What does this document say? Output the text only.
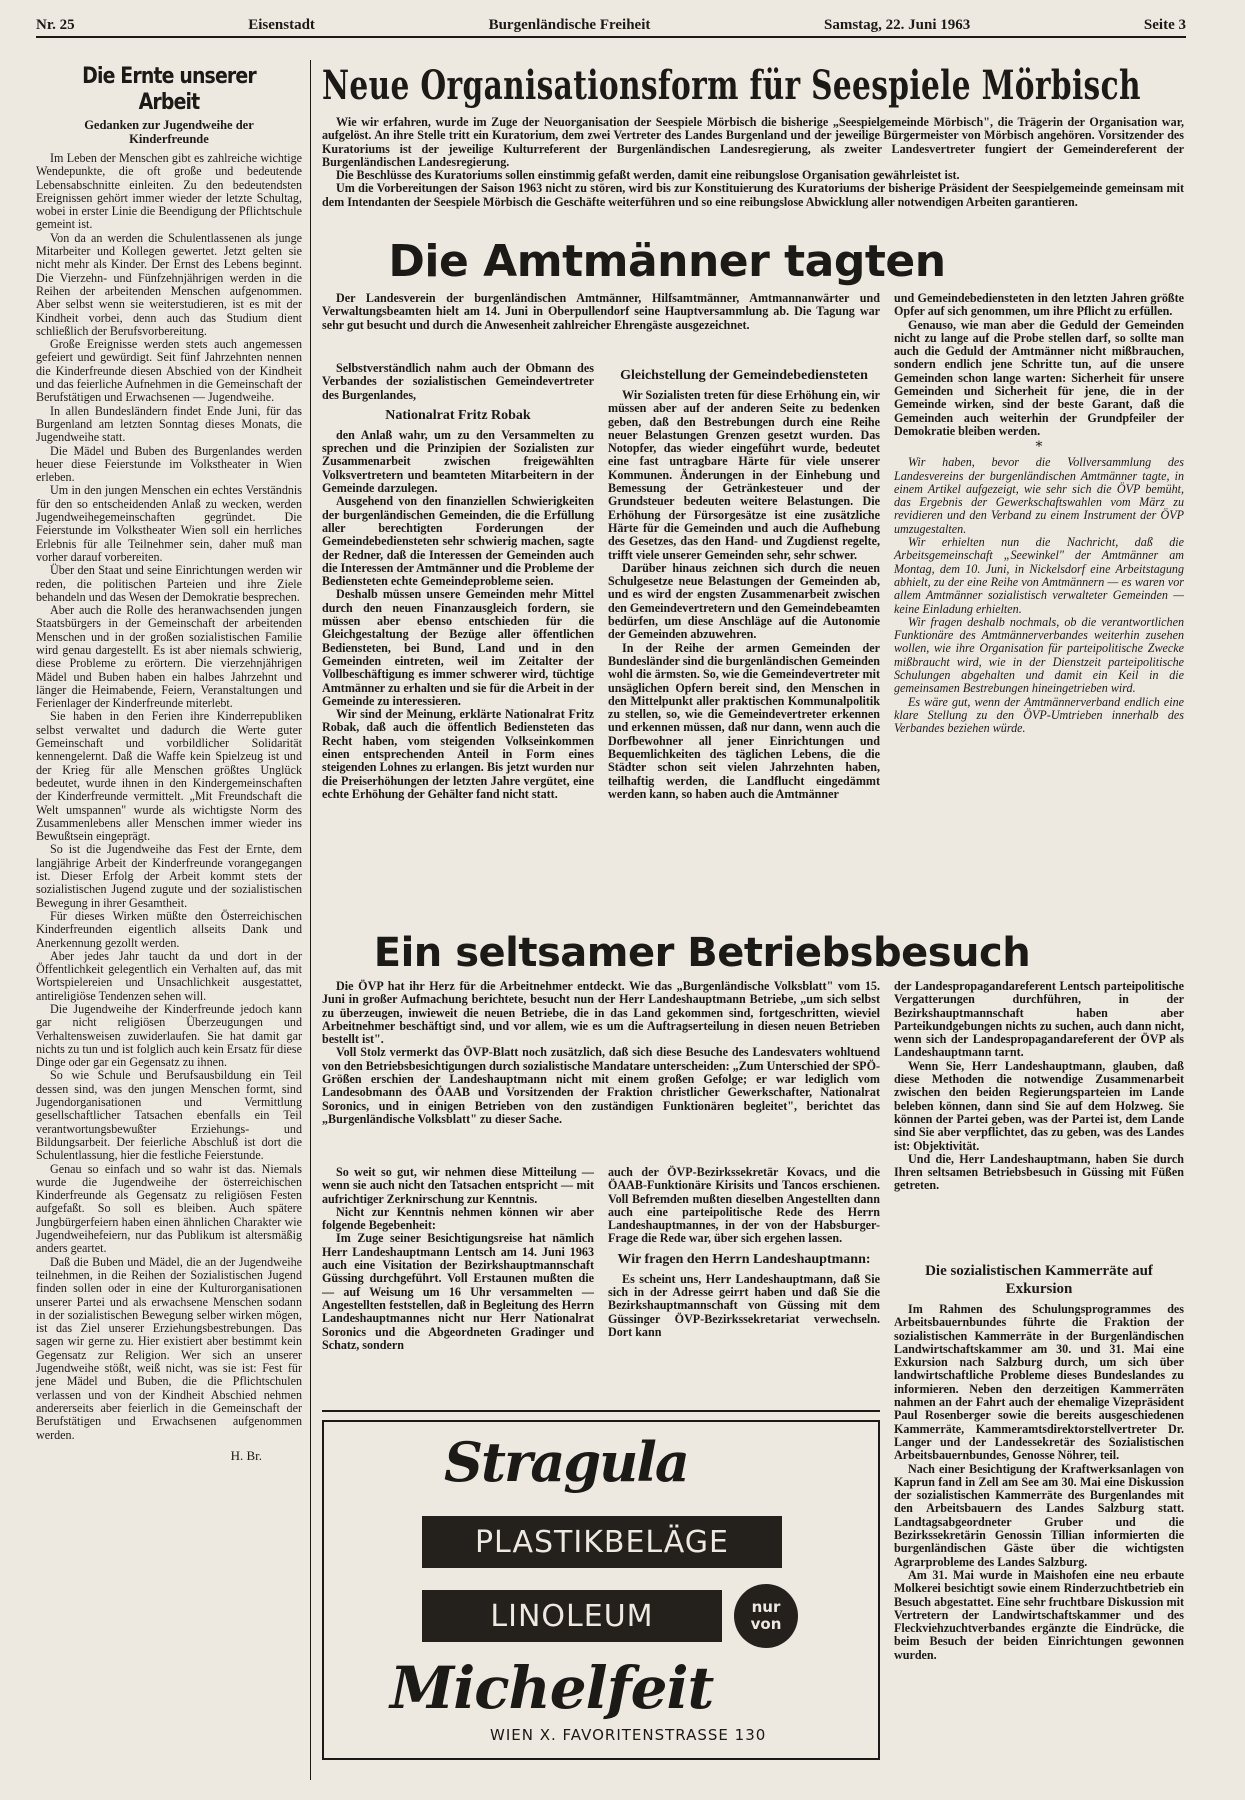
Nr. 25	Eisenstadt	Burgenländische Freiheit	Samstag, 22. Juni 1963	Seite 3
Die Ernte unserer Arbeit
Gedanken zur Jugendweihe der Kinderfreunde

Im Leben der Menschen gibt es zahlreiche wichtige Wendepunkte, die oft große und bedeutende Lebensabschnitte einleiten. Zu den bedeutendsten Ereignissen gehört immer wieder der letzte Schultag, wobei in erster Linie die Beendigung der Pflichtschule gemeint ist.

Von da an werden die Schulentlassenen als junge Mitarbeiter und Kollegen gewertet. Jetzt gelten sie nicht mehr als Kinder. Der Ernst des Lebens beginnt. Die Vierzehn- und Fünfzehnjährigen werden in die Reihen der arbeitenden Menschen aufgenommen. Aber selbst wenn sie weiterstudieren, ist es mit der Kindheit vorbei, denn auch das Studium dient schließlich der Berufsvorbereitung.

Große Ereignisse werden stets auch angemessen gefeiert und gewürdigt. Seit fünf Jahrzehnten nennen die Kinderfreunde diesen Abschied von der Kindheit und das feierliche Aufnehmen in die Gemeinschaft der Berufstätigen und Erwachsenen — Jugendweihe.

In allen Bundesländern findet Ende Juni, für das Burgenland am letzten Sonntag dieses Monats, die Jugendweihe statt.

Die Mädel und Buben des Burgenlandes werden heuer diese Feierstunde im Volkstheater in Wien erleben.

Um in den jungen Menschen ein echtes Verständnis für den so entscheidenden Anlaß zu wecken, werden Jugendweihegemeinschaften gegründet. Die Feierstunde im Volkstheater Wien soll ein herrliches Erlebnis für alle Teilnehmer sein, daher muß man vorher darauf vorbereiten.

Über den Staat und seine Einrichtungen werden wir reden, die politischen Parteien und ihre Ziele behandeln und das Wesen der Demokratie besprechen.

Aber auch die Rolle des heranwachsenden jungen Staatsbürgers in der Gemeinschaft der arbeitenden Menschen und in der großen sozialistischen Familie wird genau dargestellt. Es ist aber niemals schwierig, diese Probleme zu erörtern. Die vierzehnjährigen Mädel und Buben haben ein halbes Jahrzehnt und länger die Heimabende, Feiern, Veranstaltungen und Ferienlager der Kinderfreunde miterlebt.

Sie haben in den Ferien ihre Kinderrepubliken selbst verwaltet und dadurch die Werte guter Gemeinschaft und vorbildlicher Solidarität kennengelernt. Daß die Waffe kein Spielzeug ist und der Krieg für alle Menschen größtes Unglück bedeutet, wurde ihnen in den Kindergemeinschaften der Kinderfreunde vermittelt. „Mit Freundschaft die Welt umspannen" wurde als wichtigste Norm des Zusammenlebens aller Menschen immer wieder ins Bewußtsein eingeprägt.

So ist die Jugendweihe das Fest der Ernte, dem langjährige Arbeit der Kinderfreunde vorangegangen ist. Dieser Erfolg der Arbeit kommt stets der sozialistischen Jugend zugute und der sozialistischen Bewegung in ihrer Gesamtheit.

Für dieses Wirken müßte den Österreichischen Kinderfreunden eigentlich allseits Dank und Anerkennung gezollt werden.

Aber jedes Jahr taucht da und dort in der Öffentlichkeit gelegentlich ein Verhalten auf, das mit Wortspielereien und Unsachlichkeit ausgestattet, antireligiöse Tendenzen sehen will.

Die Jugendweihe der Kinderfreunde jedoch kann gar nicht religiösen Überzeugungen und Verhaltensweisen zuwiderlaufen. Sie hat damit gar nichts zu tun und ist folglich auch kein Ersatz für diese Dinge oder gar ein Gegensatz zu ihnen.

So wie Schule und Berufsausbildung ein Teil dessen sind, was den jungen Menschen formt, sind Jugendorganisationen und Vermittlung gesellschaftlicher Tatsachen ebenfalls ein Teil verantwortungsbewußter Erziehungs- und Bildungsarbeit. Der feierliche Abschluß ist dort die Schulentlassung, hier die festliche Feierstunde.

Genau so einfach und so wahr ist das. Niemals wurde die Jugendweihe der österreichischen Kinderfreunde als Gegensatz zu religiösen Festen aufgefaßt. So soll es bleiben. Auch spätere Jungbürgerfeiern haben einen ähnlichen Charakter wie Jugendweihefeiern, nur das Publikum ist altersmäßig anders geartet.

Daß die Buben und Mädel, die an der Jugendweihe teilnehmen, in die Reihen der Sozialistischen Jugend finden sollen oder in eine der Kulturorganisationen unserer Partei und als erwachsene Menschen sodann in der sozialistischen Bewegung selber wirken mögen, ist das Ziel unserer Erziehungsbestrebungen. Das sagen wir gerne zu. Hier existiert aber bestimmt kein Gegensatz zur Religion. Wer sich an unserer Jugendweihe stößt, weiß nicht, was sie ist: Fest für jene Mädel und Buben, die die Pflichtschulen verlassen und von der Kindheit Abschied nehmen andererseits aber feierlich in die Gemeinschaft der Berufstätigen und Erwachsenen aufgenommen werden.

H. Br.
Neue Organisationsform für Seespiele Mörbisch

Wie wir erfahren, wurde im Zuge der Neuorganisation der Seespiele Mörbisch die bisherige „Seespielgemeinde Mörbisch", die Trägerin der Organisation war, aufgelöst. An ihre Stelle tritt ein Kuratorium, dem zwei Vertreter des Landes Burgenland und der jeweilige Bürgermeister von Mörbisch angehören. Vorsitzender des Kuratoriums ist der jeweilige Kulturreferent der Burgenländischen Landesregierung, als zweiter Landesvertreter fungiert der Gemeindereferent der Burgenländischen Landesregierung.

Die Beschlüsse des Kuratoriums sollen einstimmig gefaßt werden, damit eine reibungslose Organisation gewährleistet ist.

Um die Vorbereitungen der Saison 1963 nicht zu stören, wird bis zur Konstituierung des Kuratoriums der bisherige Präsident der Seespielgemeinde gemeinsam mit dem Intendanten der Seespiele Mörbisch die Geschäfte weiterführen und so eine reibungslose Abwicklung aller notwendigen Arbeiten garantieren.

Die Amtmänner tagten

Der Landesverein der burgenländischen Amtmänner, Hilfsamtmänner, Amtmannanwärter und Verwaltungsbeamten hielt am 14. Juni in Oberpullendorf seine Hauptversammlung ab. Die Tagung war sehr gut besucht und durch die Anwesenheit zahlreicher Ehrengäste ausgezeichnet.

Selbstverständlich nahm auch der Obmann des Verbandes der sozialistischen Gemeindevertreter des Burgenlandes,

Nationalrat Fritz Robak

den Anlaß wahr, um zu den Versammelten zu sprechen und die Prinzipien der Sozialisten zur Zusammenarbeit zwischen freigewählten Volksvertretern und beamteten Mitarbeitern in der Gemeinde darzulegen.

Ausgehend von den finanziellen Schwierigkeiten der burgenländischen Gemeinden, die die Erfüllung aller berechtigten Forderungen der Gemeindebediensteten sehr schwierig machen, sagte der Redner, daß die Interessen der Gemeinden auch die Interessen der Amtmänner und die Probleme der Bediensteten echte Gemeindeprobleme seien.

Deshalb müssen unsere Gemeinden mehr Mittel durch den neuen Finanzausgleich fordern, sie müssen aber ebenso entschieden für die Gleichgestaltung der Bezüge aller öffentlichen Bediensteten, bei Bund, Land und in den Gemeinden eintreten, weil im Zeitalter der Vollbeschäftigung es immer schwerer wird, tüchtige Amtmänner zu erhalten und sie für die Arbeit in der Gemeinde zu interessieren.

Wir sind der Meinung, erklärte Nationalrat Fritz Robak, daß auch die öffentlich Bediensteten das Recht haben, vom steigenden Volkseinkommen einen entsprechenden Anteil in Form eines steigenden Lohnes zu erlangen. Bis jetzt wurden nur die Preiserhöhungen der letzten Jahre vergütet, eine echte Erhöhung der Gehälter fand nicht statt.

Gleichstellung der Gemeindebediensteten

Wir Sozialisten treten für diese Erhöhung ein, wir müssen aber auf der anderen Seite zu bedenken geben, daß den Bestrebungen durch eine Reihe neuer Belastungen Grenzen gesetzt wurden. Das Notopfer, das wieder eingeführt wurde, bedeutet eine fast untragbare Härte für viele unserer Kommunen. Änderungen in der Einhebung und Bemessung der Getränkesteuer und der Grundsteuer bedeuten weitere Belastungen. Die Erhöhung der Fürsorgesätze ist eine zusätzliche Härte für die Gemeinden und auch die Aufhebung des Gesetzes, das den Hand- und Zugdienst regelte, trifft viele unserer Gemeinden sehr, sehr schwer.

Darüber hinaus zeichnen sich durch die neuen Schulgesetze neue Belastungen der Gemeinden ab, und es wird der engsten Zusammenarbeit zwischen den Gemeindevertretern und den Gemeindebeamten bedürfen, um diese Anschläge auf die Autonomie der Gemeinden abzuwehren.

In der Reihe der armen Gemeinden der Bundesländer sind die burgenländischen Gemeinden wohl die ärmsten. So, wie die Gemeindevertreter mit unsäglichen Opfern bereit sind, den Menschen in den Mittelpunkt aller praktischen Kommunalpolitik zu stellen, so, wie die Gemeindevertreter erkennen und erkennen müssen, daß nur dann, wenn auch die Dorfbewohner all jener Einrichtungen und Bequemlichkeiten des täglichen Lebens, die die Städter schon seit vielen Jahrzehnten haben, teilhaftig werden, die Landflucht eingedämmt werden kann, so haben auch die Amtmänner

und Gemeindebediensteten in den letzten Jahren größte Opfer auf sich genommen, um ihre Pflicht zu erfüllen.

Genauso, wie man aber die Geduld der Gemeinden nicht zu lange auf die Probe stellen darf, so sollte man auch die Geduld der Amtmänner nicht mißbrauchen, sondern endlich jene Schritte tun, auf die unsere Gemeinden schon lange warten: Sicherheit für unsere Gemeinden und Sicherheit für jene, die in der Gemeinde wirken, sind der beste Garant, daß die Gemeinden auch weiterhin der Grundpfeiler der Demokratie bleiben werden.

*

Wir haben, bevor die Vollversammlung des Landesvereins der burgenländischen Amtmänner tagte, in einem Artikel aufgezeigt, wie sehr sich die ÖVP bemüht, das Ergebnis der Gewerkschaftswahlen vom März zu revidieren und den Verband zu einem Instrument der ÖVP umzugestalten.

Wir erhielten nun die Nachricht, daß die Arbeitsgemeinschaft „Seewinkel" der Amtmänner am Montag, dem 10. Juni, in Nickelsdorf eine Arbeitstagung abhielt, zu der eine Reihe von Amtmännern — es waren vor allem Amtmänner sozialistisch verwalteter Gemeinden — keine Einladung erhielten.

Wir fragen deshalb nochmals, ob die verantwortlichen Funktionäre des Amtmännerverbandes weiterhin zusehen wollen, wie ihre Organisation für parteipolitische Zwecke mißbraucht wird, wie in der Dienstzeit parteipolitische Schulungen abgehalten und damit ein Keil in die gemeinsamen Bestrebungen hineingetrieben wird.

Es wäre gut, wenn der Amtmännerverband endlich eine klare Stellung zu den ÖVP-Umtrieben innerhalb des Verbandes beziehen würde.

Ein seltsamer Betriebsbesuch

Die ÖVP hat ihr Herz für die Arbeitnehmer entdeckt. Wie das „Burgenländische Volksblatt" vom 15. Juni in großer Aufmachung berichtete, besucht nun der Herr Landeshauptmann Betriebe, „um sich selbst zu überzeugen, inwieweit die neuen Betriebe, die in das Land gekommen sind, fortgeschritten, wieviel Arbeitnehmer beschäftigt sind, und vor allem, wie es um die Auftragserteilung in diesen neuen Betrieben bestellt ist".

Voll Stolz vermerkt das ÖVP-Blatt noch zusätzlich, daß sich diese Besuche des Landesvaters wohltuend von den Betriebsbesichtigungen durch sozialistische Mandatare unterscheiden: „Zum Unterschied der SPÖ-Größen erschien der Landeshauptmann nicht mit einem großen Gefolge; er war lediglich vom Landesobmann des ÖAAB und Vorsitzenden der Fraktion christlicher Gewerkschafter, Nationalrat Soronics, und in einigen Betrieben von den zuständigen Funktionären begleitet", berichtet das „Burgenländische Volksblatt" zu dieser Sache.

So weit so gut, wir nehmen diese Mitteilung — wenn sie auch nicht den Tatsachen entspricht — mit aufrichtiger Zerknirschung zur Kenntnis.

Nicht zur Kenntnis nehmen können wir aber folgende Begebenheit:

Im Zuge seiner Besichtigungsreise hat nämlich Herr Landeshauptmann Lentsch am 14. Juni 1963 auch eine Visitation der Bezirkshauptmannschaft Güssing durchgeführt. Voll Erstaunen mußten die — auf Weisung um 16 Uhr versammelten — Angestellten feststellen, daß in Begleitung des Herrn Landeshauptmannes nicht nur Herr Nationalrat Soronics und die Abgeordneten Gradinger und Schatz, sondern

auch der ÖVP-Bezirkssekretär Kovacs, und die ÖAAB-Funktionäre Kirisits und Tancos erschienen. Voll Befremden mußten dieselben Angestellten dann auch eine parteipolitische Rede des Herrn Landeshauptmannes, in der von der Habsburger-Frage die Rede war, über sich ergehen lassen.

Wir fragen den Herrn Landeshauptmann:

Es scheint uns, Herr Landeshauptmann, daß Sie sich in der Adresse geirrt haben und daß Sie die Bezirkshauptmannschaft von Güssing mit dem Güssinger ÖVP-Bezirkssekretariat verwechseln. Dort kann

der Landespropagandareferent Lentsch parteipolitische Vergatterungen durchführen, in der Bezirkshauptmannschaft haben aber Parteikundgebungen nichts zu suchen, auch dann nicht, wenn sich der Landespropagandareferent der ÖVP als Landeshauptmann tarnt.

Wenn Sie, Herr Landeshauptmann, glauben, daß diese Methoden die notwendige Zusammenarbeit zwischen den beiden Regierungsparteien im Lande beleben können, dann sind Sie auf dem Holzweg. Sie können der Partei geben, was der Partei ist, dem Lande sind Sie aber verpflichtet, das zu geben, was des Landes ist: Objektivität.

Und die, Herr Landeshauptmann, haben Sie durch Ihren seltsamen Betriebsbesuch in Güssing mit Füßen getreten.

Die sozialistischen Kammerräte auf Exkursion

Im Rahmen des Schulungsprogrammes des Arbeitsbauernbundes führte die Fraktion der sozialistischen Kammerräte in der Burgenländischen Landwirtschaftskammer am 30. und 31. Mai eine Exkursion nach Salzburg durch, um sich über landwirtschaftliche Probleme dieses Bundeslandes zu informieren. Neben den derzeitigen Kammerräten nahmen an der Fahrt auch der ehemalige Vizepräsident Paul Rosenberger sowie die bereits ausgeschiedenen Kammerräte, Kammeramtsdirektorstellvertreter Dr. Langer und der Landessekretär des Sozialistischen Arbeitsbauernbundes, Genosse Nöhrer, teil.

Nach einer Besichtigung der Kraftwerksanlagen von Kaprun fand in Zell am See am 30. Mai eine Diskussion der sozialistischen Kammerräte des Burgenlandes mit den Arbeitsbauern des Landes Salzburg statt. Landtagsabgeordneter Gruber und die Bezirkssekretärin Genossin Tillian informierten die burgenländischen Gäste über die wichtigsten Agrarprobleme des Landes Salzburg.

Am 31. Mai wurde in Maishofen eine neu erbaute Molkerei besichtigt sowie einem Rinderzuchtbetrieb ein Besuch abgestattet. Eine sehr fruchtbare Diskussion mit Vertretern der Landwirtschaftskammer und des Fleckviehzuchtverbandes ergänzte die Eindrücke, die beim Besuch der beiden Einrichtungen gewonnen wurden.

Stragula
PLASTIKBELÄGE
LINOLEUM	nur
von
Michelfeit
WIEN X. FAVORITENSTRASSE 130
